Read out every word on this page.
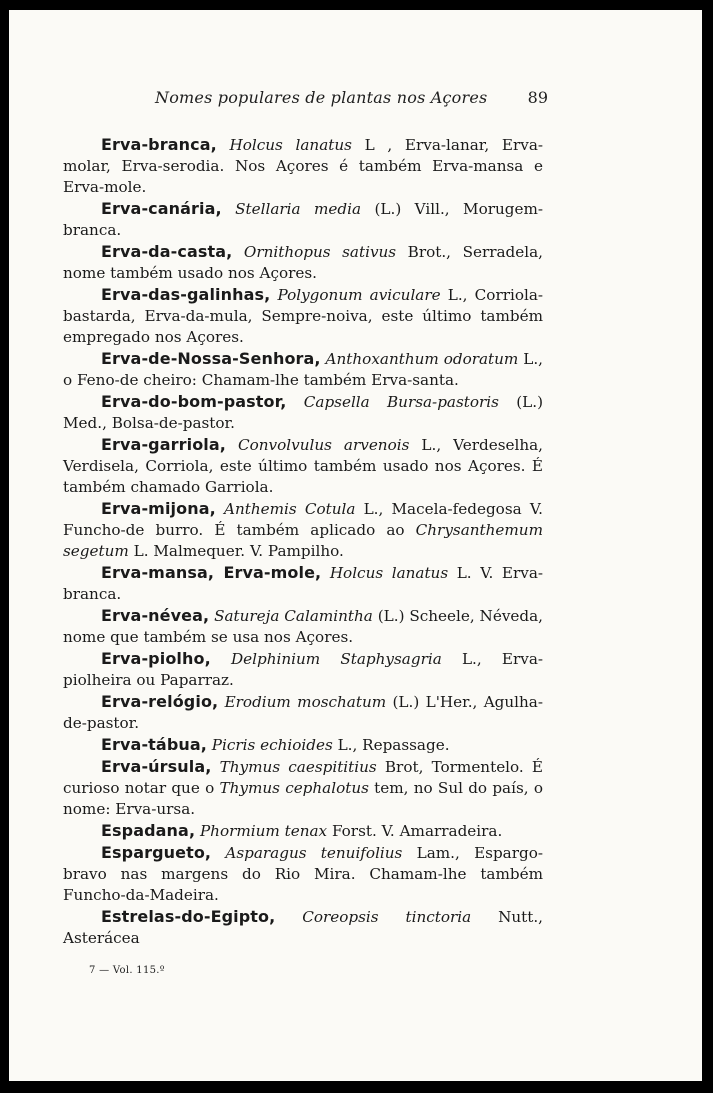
Nomes populares de plantas nos Açores	89

Erva-branca, Holcus lanatus L , Erva-lanar, Erva-molar, Erva-serodia. Nos Açores é também Erva-mansa e Erva-mole.

Erva-canária, Stellaria media (L.) Vill., Morugem-branca.

Erva-da-casta, Ornithopus sativus Brot., Serradela, nome também usado nos Açores.

Erva-das-galinhas, Polygonum aviculare L., Corriola-bastarda, Erva-da-mula, Sempre-noiva, este último também empregado nos Açores.

Erva-de-Nossa-Senhora, Anthoxanthum odoratum L., o Feno-de cheiro: Chamam-lhe também Erva-santa.

Erva-do-bom-pastor, Capsella Bursa-pastoris (L.) Med., Bolsa-de-pastor.

Erva-garriola, Convolvulus arvenois L., Verdeselha, Verdisela, Corriola, este último também usado nos Açores. É também chamado Garriola.

Erva-mijona, Anthemis Cotula L., Macela-fedegosa V. Funcho-de burro. É também aplicado ao Chrysanthemum segetum L. Malmequer. V. Pampilho.

Erva-mansa, Erva-mole, Holcus lanatus L. V. Erva-branca.

Erva-névea, Satureja Calamintha (L.) Scheele, Néveda, nome que também se usa nos Açores.

Erva-piolho, Delphinium Staphysagria L., Erva-piolheira ou Paparraz.

Erva-relógio, Erodium moschatum (L.) L'Her., Agulha-de-pastor.

Erva-tábua, Picris echioides L., Repassage.

Erva-úrsula, Thymus caespititius Brot, Tormentelo. É curioso notar que o Thymus cephalotus tem, no Sul do país, o nome: Erva-ursa.

Espadana, Phormium tenax Forst. V. Amarradeira.

Espargueto, Asparagus tenuifolius Lam., Espargo-bravo nas margens do Rio Mira. Chamam-lhe também Funcho-da-Madeira.

Estrelas-do-Egipto, Coreopsis tinctoria Nutt., Asterácea

7 — Vol. 115.º
